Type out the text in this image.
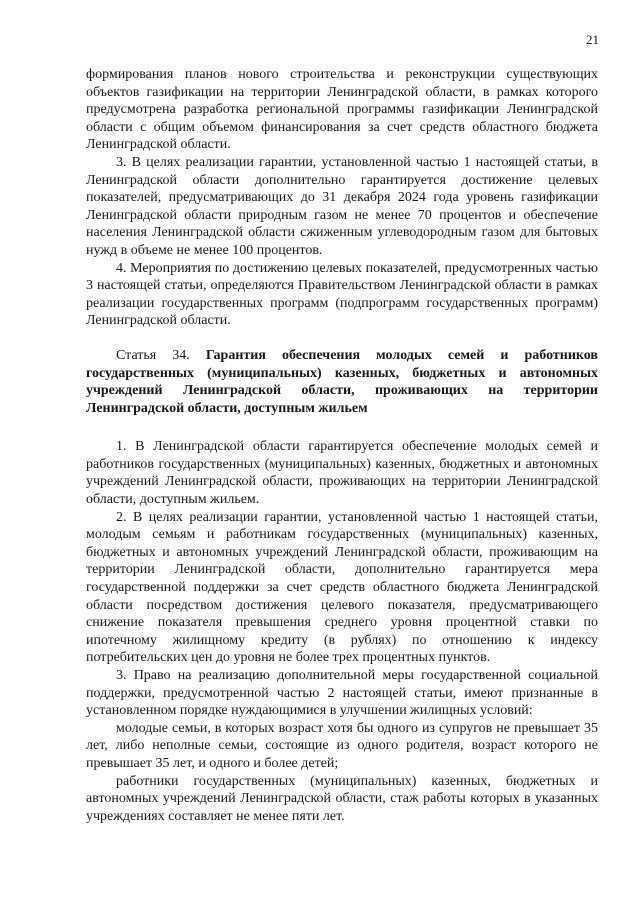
21

формирования планов нового строительства и реконструкции существующих объектов газификации на территории Ленинградской области, в рамках которого предусмотрена разработка региональной программы газификации Ленинградской области с общим объемом финансирования за счет средств областного бюджета Ленинградской области.

3. В целях реализации гарантии, установленной частью 1 настоящей статьи, в Ленинградской области дополнительно гарантируется достижение целевых показателей, предусматривающих до 31 декабря 2024 года уровень газификации Ленинградской области природным газом не менее 70 процентов и обеспечение населения Ленинградской области сжиженным углеводородным газом для бытовых нужд в объеме не менее 100 процентов.

4. Мероприятия по достижению целевых показателей, предусмотренных частью 3 настоящей статьи, определяются Правительством Ленинградской области в рамках реализации государственных программ (подпрограмм государственных программ) Ленинградской области.

Статья 34. Гарантия обеспечения молодых семей и работников государственных (муниципальных) казенных, бюджетных и автономных учреждений Ленинградской области, проживающих на территории Ленинградской области, доступным жильем

1. В Ленинградской области гарантируется обеспечение молодых семей и работников государственных (муниципальных) казенных, бюджетных и автономных учреждений Ленинградской области, проживающих на территории Ленинградской области, доступным жильем.

2. В целях реализации гарантии, установленной частью 1 настоящей статьи, молодым семьям и работникам государственных (муниципальных) казенных, бюджетных и автономных учреждений Ленинградской области, проживающим на территории Ленинградской области, дополнительно гарантируется мера государственной поддержки за счет средств областного бюджета Ленинградской области посредством достижения целевого показателя, предусматривающего снижение показателя превышения среднего уровня процентной ставки по ипотечному жилищному кредиту (в рублях) по отношению к индексу потребительских цен до уровня не более трех процентных пунктов.

3. Право на реализацию дополнительной меры государственной социальной поддержки, предусмотренной частью 2 настоящей статьи, имеют признанные в установленном порядке нуждающимися в улучшении жилищных условий:

молодые семьи, в которых возраст хотя бы одного из супругов не превышает 35 лет, либо неполные семьи, состоящие из одного родителя, возраст которого не превышает 35 лет, и одного и более детей;

работники государственных (муниципальных) казенных, бюджетных и автономных учреждений Ленинградской области, стаж работы которых в указанных учреждениях составляет не менее пяти лет.
